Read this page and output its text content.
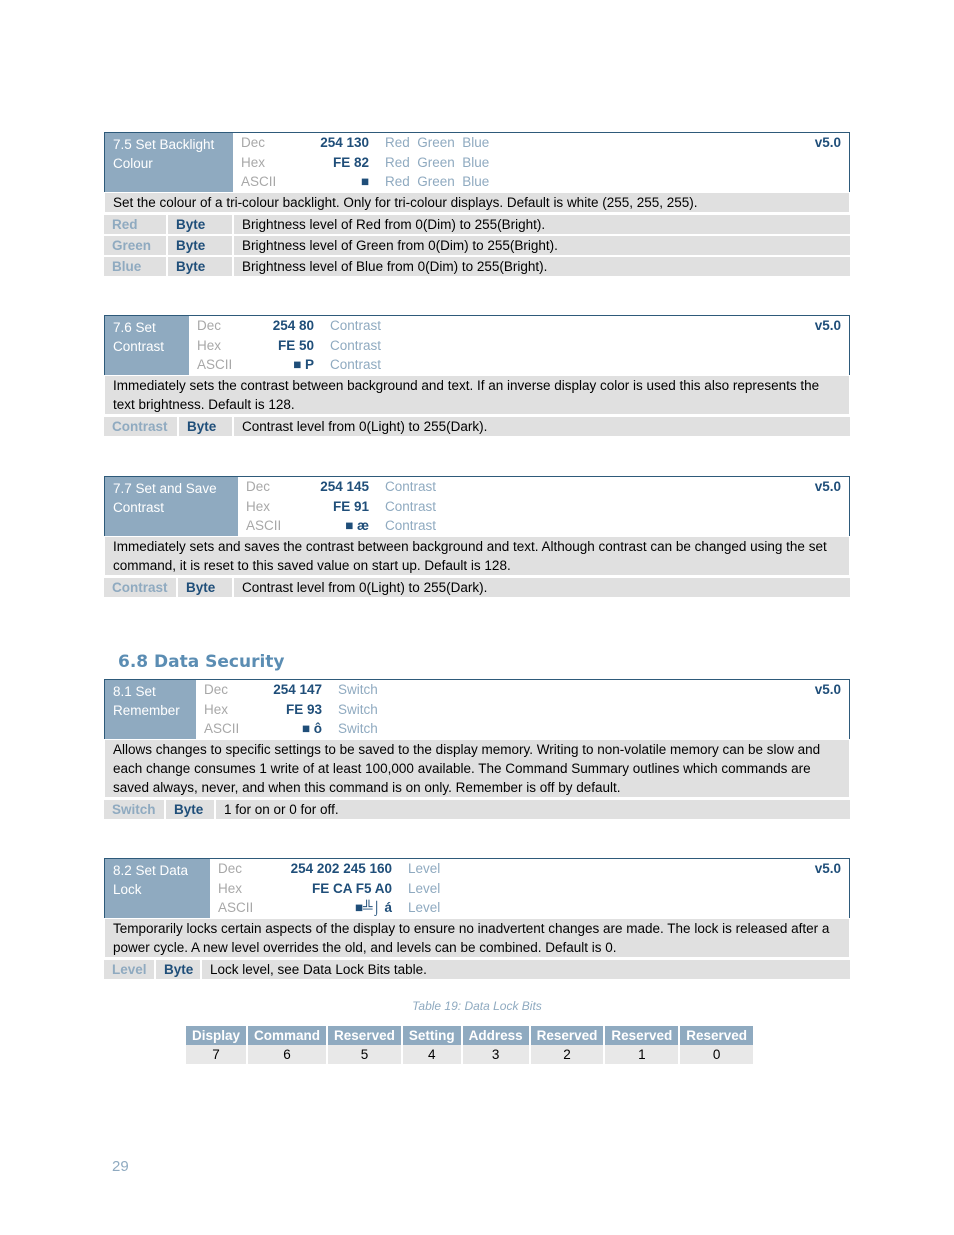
7.5 Set Backlight Colour
Dec	254 130	Red  Green  Blue
Hex	FE 82	Red  Green  Blue
ASCII	■	Red  Green  Blue
v5.0
Set the colour of a tri-colour backlight. Only for tri-colour displays. Default is white (255, 255, 255).
Red	Byte	Brightness level of Red from 0(Dim) to 255(Bright).
Green	Byte	Brightness level of Green from 0(Dim) to 255(Bright).
Blue	Byte	Brightness level of Blue from 0(Dim) to 255(Bright).
7.6 Set Contrast
Dec	254 80	Contrast
Hex	FE 50	Contrast
ASCII	■ P	Contrast
v5.0
Immediately sets the contrast between background and text. If an inverse display color is used this also represents the text brightness. Default is 128.
Contrast	Byte	Contrast level from 0(Light) to 255(Dark).
7.7 Set and Save Contrast
Dec	254 145	Contrast
Hex	FE 91	Contrast
ASCII	■ æ	Contrast
v5.0
Immediately sets and saves the contrast between background and text. Although contrast can be changed using the set command, it is reset to this saved value on start up. Default is 128.
Contrast	Byte	Contrast level from 0(Light) to 255(Dark).
6.8 Data Security
8.1 Set Remember
Dec	254 147	Switch
Hex	FE 93	Switch
ASCII	■ ô	Switch
v5.0
Allows changes to specific settings to be saved to the display memory. Writing to non-volatile memory can be slow and each change consumes 1 write of at least 100,000 available. The Command Summary outlines which commands are saved always, never, and when this command is on only. Remember is off by default.
Switch	Byte	1 for on or 0 for off.
8.2 Set Data Lock
Dec	254 202 245 160	Level
Hex	FE CA F5 A0	Level
ASCII	■╩⌡ á	Level
v5.0
Temporarily locks certain aspects of the display to ensure no inadvertent changes are made. The lock is released after a power cycle. A new level overrides the old, and levels can be combined. Default is 0.
Level	Byte	Lock level, see Data Lock Bits table.
Table 19: Data Lock Bits
Display	Command	Reserved	Setting	Address	Reserved	Reserved	Reserved
7	6	5	4	3	2	1	0
29
